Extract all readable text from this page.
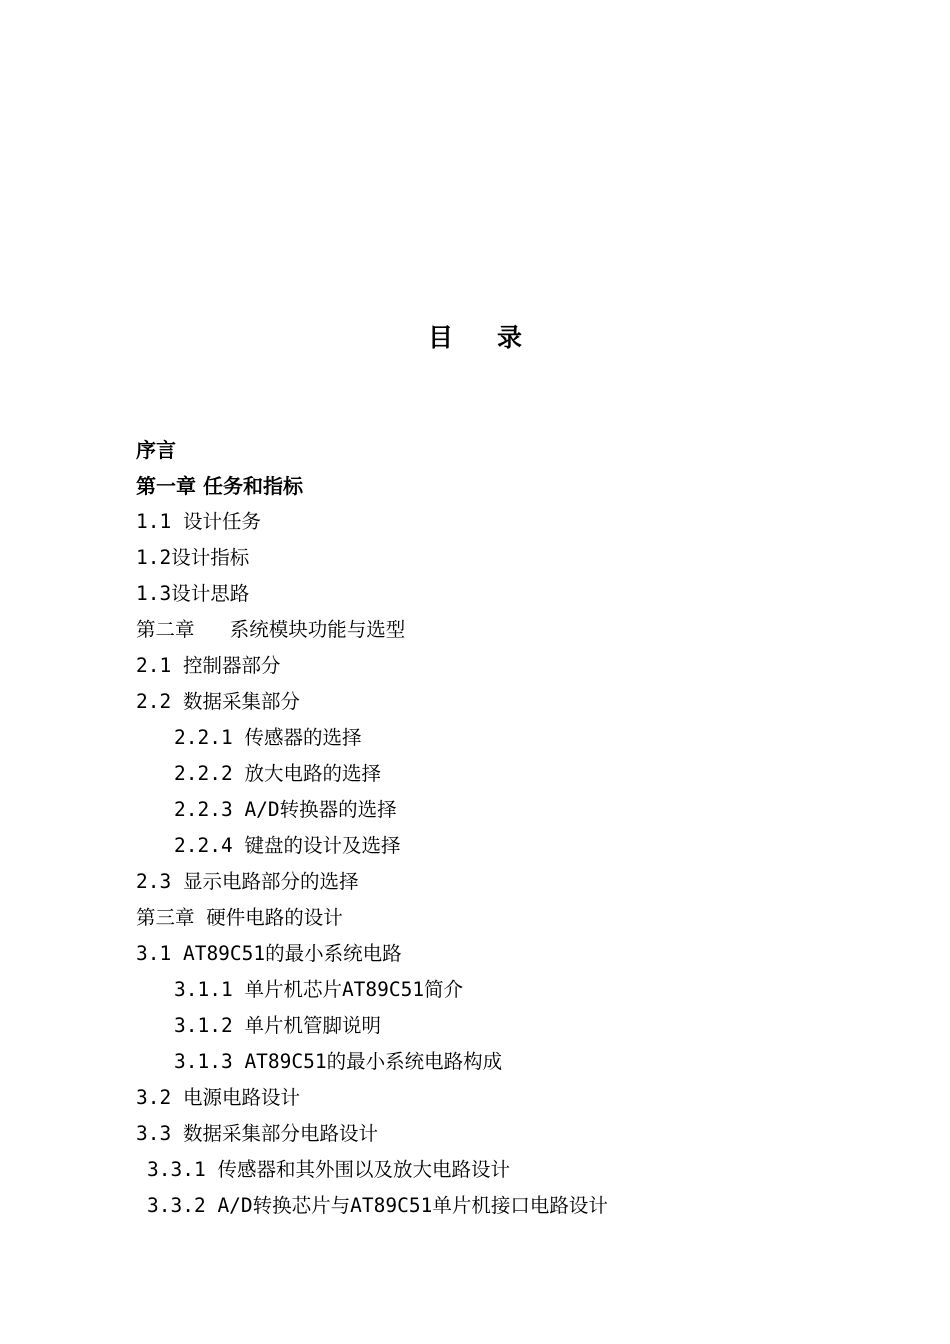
目 录
序言
第一章 任务和指标
1.1 设计任务
1.2设计指标
1.3设计思路
第二章   系统模块功能与选型
2.1 控制器部分
2.2 数据采集部分
2.2.1 传感器的选择
2.2.2 放大电路的选择
2.2.3 A/D转换器的选择
2.2.4 键盘的设计及选择
2.3 显示电路部分的选择
第三章 硬件电路的设计
3.1 AT89C51的最小系统电路
3.1.1 单片机芯片AT89C51简介
3.1.2 单片机管脚说明
3.1.3 AT89C51的最小系统电路构成
3.2 电源电路设计
3.3 数据采集部分电路设计
3.3.1 传感器和其外围以及放大电路设计
3.3.2 A/D转换芯片与AT89C51单片机接口电路设计
